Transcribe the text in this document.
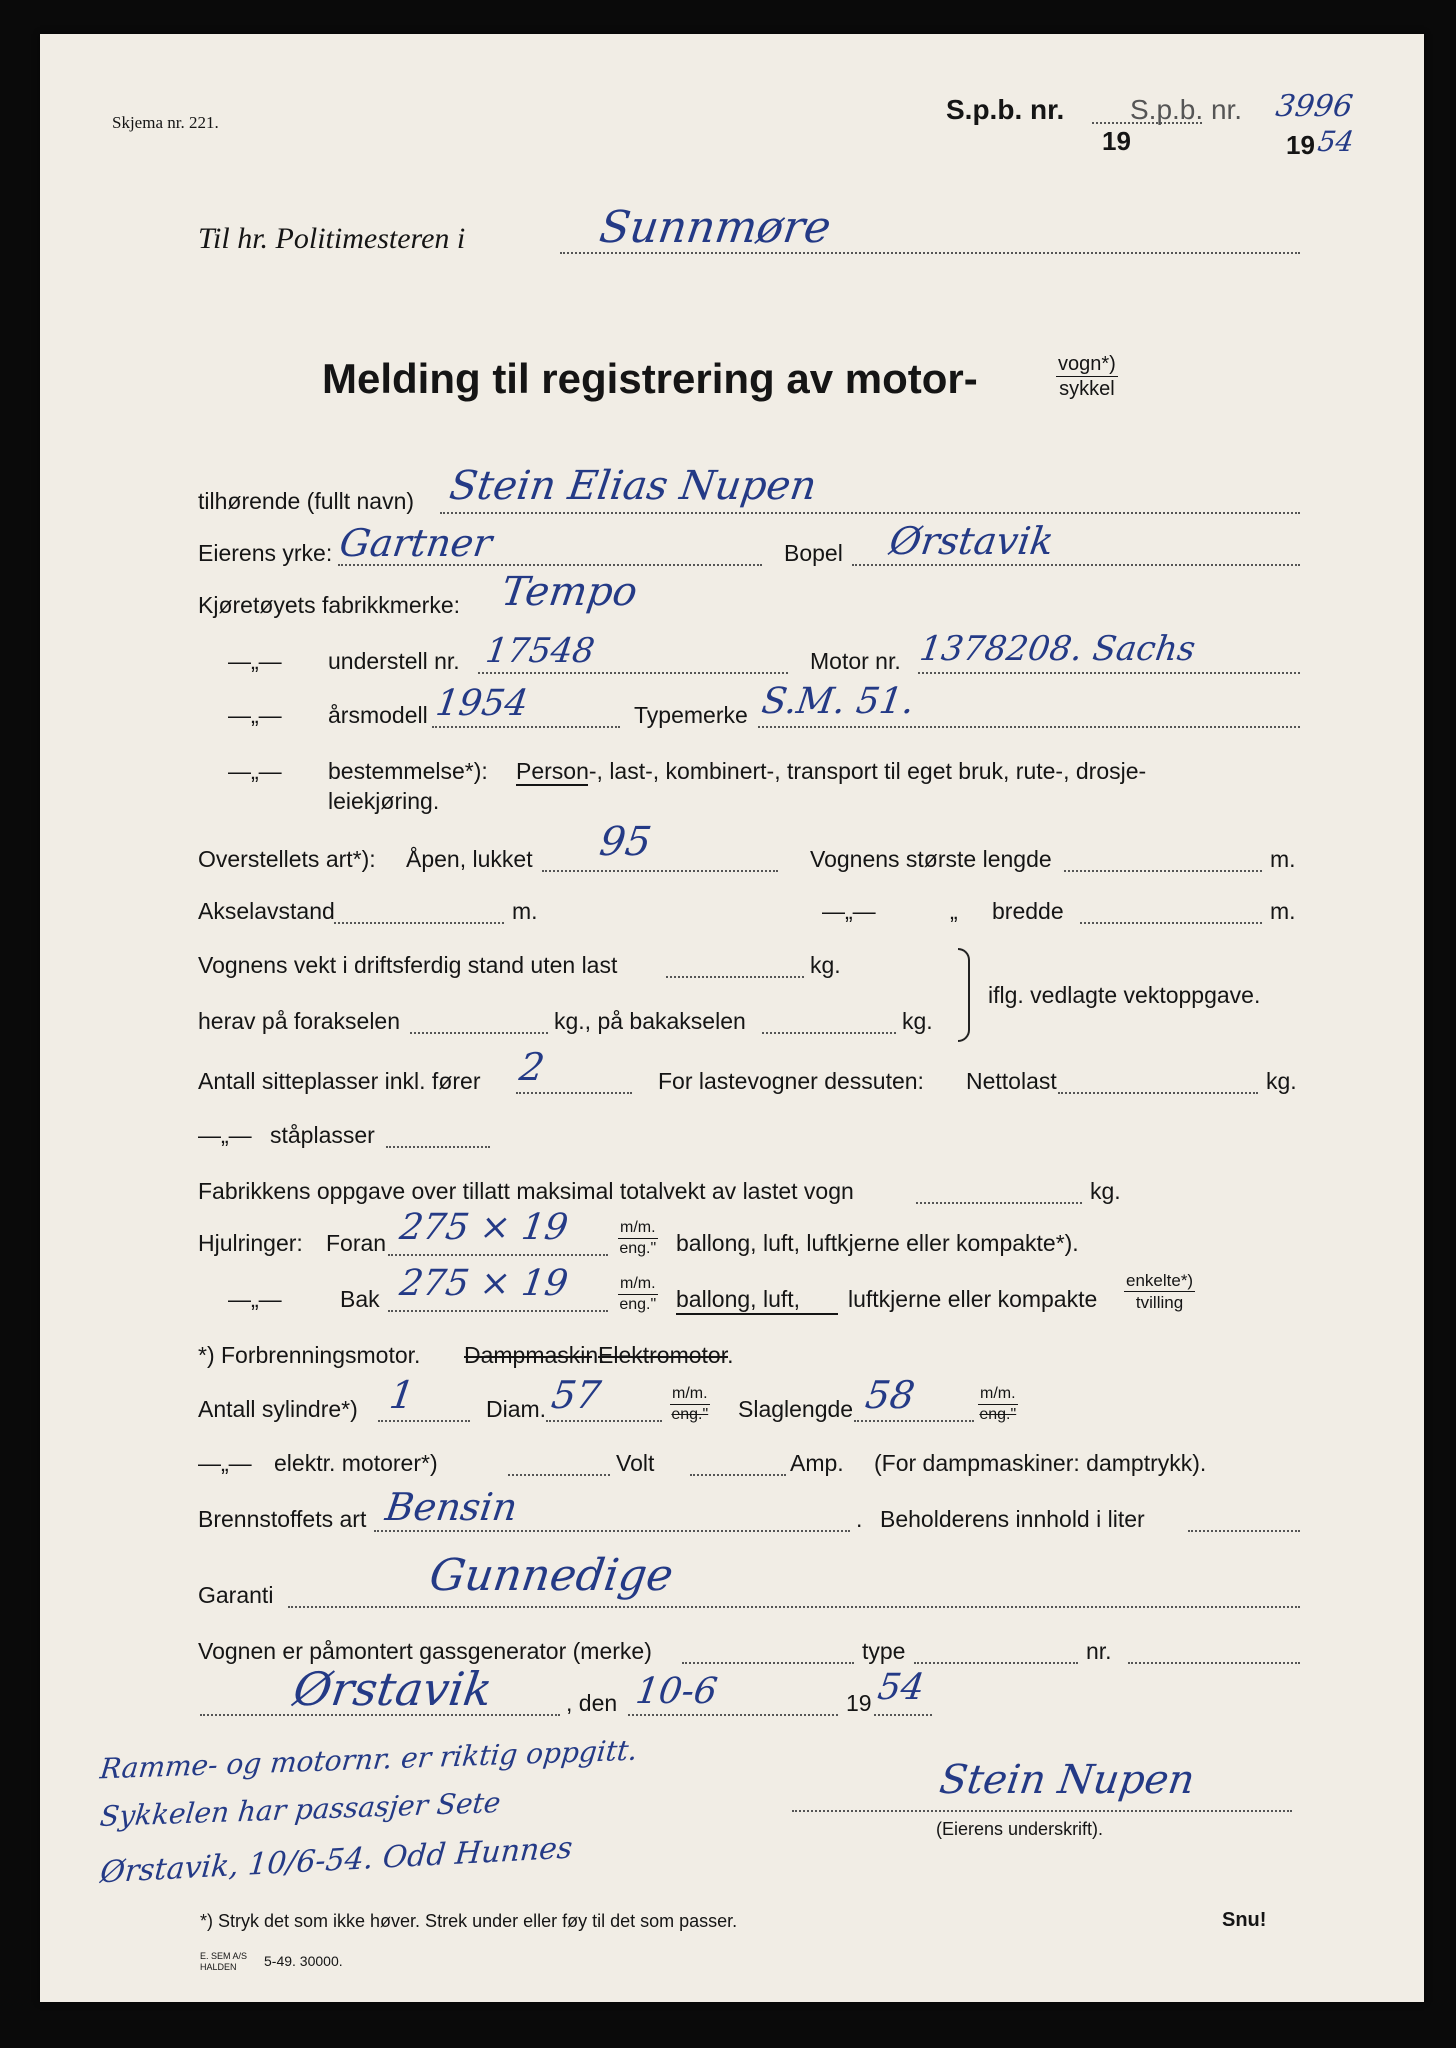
Skjema nr. 221.	S.p.b. nr.
19
S.p.b. nr. 3996
19 54
Til hr. Politimesteren i	Sunnmøre
Melding til registrering av motor-	vogn*)
sykkel
tilhørende (fullt navn) Stein Elias Nupen
Eierens yrke: Gartner	Bopel Ørstavik
Kjøretøyets fabrikkmerke: Tempo
—„— understell nr. 17548	Motor nr. 1378208. Sachs
—„— årsmodell 1954	Typemerke S.M. 51.
—„— bestemmelse*): Person-, last-, kombinert-, transport til eget bruk, rute-, drosje-
leiekjøring.
Overstellets art*): Åpen, lukket 95	Vognens største lengde	m.
Akselavstand	m.	—„—	„ bredde	m.
Vognens vekt i driftsferdig stand uten last	kg.
herav på forakselen	kg., på bakakselen	kg.
iflg. vedlagte vektoppgave.
Antall sitteplasser inkl. fører 2	For lastevogner dessuten: Nettolast	kg.
—„— ståplasser
Fabrikkens oppgave over tillatt maksimal totalvekt av lastet vogn	kg.
Hjulringer: Foran 275 × 19	m/m.
eng." ballong, luft, luftkjerne eller kompakte*).
—„—	Bak 275 × 19	m/m.
eng." ballong, luft, luftkjerne eller kompakte
enkelte*)
tvilling
*) Forbrenningsmotor. Dampmaskin.
Elektromotor.
Antall sylindre*) 1	Diam. 57	m/m.
eng." Slaglengde 58	m/m.
eng."
—„— elektr. motorer*)	Volt	Amp. (For dampmaskiner: damptrykk).
Brennstoffets art Bensin	. Beholderens innhold i liter
Garanti	Gunnedige
Vognen er påmontert gassgenerator (merke)	type	nr.
Ørstavik	, den 10-6	19 54
Ramme- og motornr. er riktig oppgitt.
Sykkelen har passasjer Sete
Ørstavik, 10/6-54. Odd Hunnes
Stein Nupen
(Eierens underskrift).
*) Stryk det som ikke høver. Strek under eller føy til det som passer.	Snu!
E. SEM A/S
HALDEN 5-49. 30000.
